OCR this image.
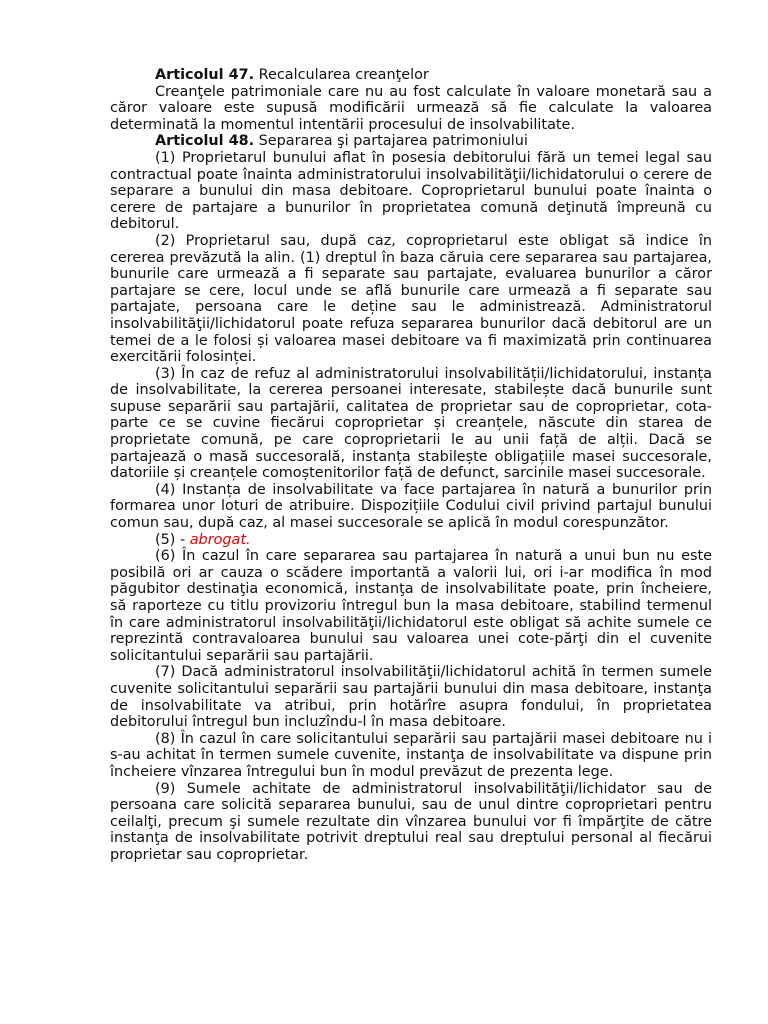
Articolul 47. Recalcularea creanţelor

Creanţele patrimoniale care nu au fost calculate în valoare monetară sau a căror valoare este supusă modificării urmează să fie calculate la valoarea determinată la momentul intentării procesului de insolvabilitate.

Articolul 48. Separarea şi partajarea patrimoniului

(1) Proprietarul bunului aflat în posesia debitorului fără un temei legal sau contractual poate înainta administratorului insolvabilităţii/lichidatorului o cerere de separare a bunului din masa debitoare. Coproprietarul bunului poate înainta o cerere de partajare a bunurilor în proprietatea comună deţinută împreună cu debitorul.

(2) Proprietarul sau, după caz, coproprietarul este obligat să indice în cererea prevăzută la alin. (1) dreptul în baza căruia cere separarea sau partajarea, bunurile care urmează a fi separate sau partajate, evaluarea bunurilor a căror partajare se cere, locul unde se află bunurile care urmează a fi separate sau partajate, persoana care le deține sau le administrează. Administratorul insolvabilităţii/lichidatorul poate refuza separarea bunurilor dacă debitorul are un temei de a le folosi și valoarea masei debitoare va fi maximizată prin continuarea exercitării folosinței.

(3) În caz de refuz al administratorului insolvabilității/lichidatorului, instanța de insolvabilitate, la cererea persoanei interesate, stabilește dacă bunurile sunt supuse separării sau partajării, calitatea de proprietar sau de coproprietar, cota-parte ce se cuvine fiecărui coproprietar și creanțele, născute din starea de proprietate comună, pe care coproprietarii le au unii față de alții. Dacă se partajează o masă succesorală, instanța stabilește obligațiile masei succesorale, datoriile și creanțele comoștenitorilor față de defunct, sarcinile masei succesorale.

(4) Instanța de insolvabilitate va face partajarea în natură a bunurilor prin formarea unor loturi de atribuire. Dispozițiile Codului civil privind partajul bunului comun sau, după caz, al masei succesorale se aplică în modul corespunzător.

(5) - abrogat.

(6) În cazul în care separarea sau partajarea în natură a unui bun nu este posibilă ori ar cauza o scădere importantă a valorii lui, ori i-ar modifica în mod păgubitor destinaţia economică, instanţa de insolvabilitate poate, prin încheiere, să raporteze cu titlu provizoriu întregul bun la masa debitoare, stabilind termenul în care administratorul insolvabilităţii/lichidatorul este obligat să achite sumele ce reprezintă contravaloarea bunului sau valoarea unei cote-părţi din el cuvenite solicitantului separării sau partajării.

(7) Dacă administratorul insolvabilităţii/lichidatorul achită în termen sumele cuvenite solicitantului separării sau partajării bunului din masa debitoare, instanţa de insolvabilitate va atribui, prin hotărîre asupra fondului, în proprietatea debitorului întregul bun incluzîndu-l în masa debitoare.

(8) În cazul în care solicitantului separării sau partajării masei debitoare nu i s-au achitat în termen sumele cuvenite, instanţa de insolvabilitate va dispune prin încheiere vînzarea întregului bun în modul prevăzut de prezenta lege.

(9) Sumele achitate de administratorul insolvabilităţii/lichidator sau de persoana care solicită separarea bunului, sau de unul dintre coproprietari pentru ceilalţi, precum şi sumele rezultate din vînzarea bunului vor fi împărţite de către instanţa de insolvabilitate potrivit dreptului real sau dreptului personal al fiecărui proprietar sau coproprietar.
